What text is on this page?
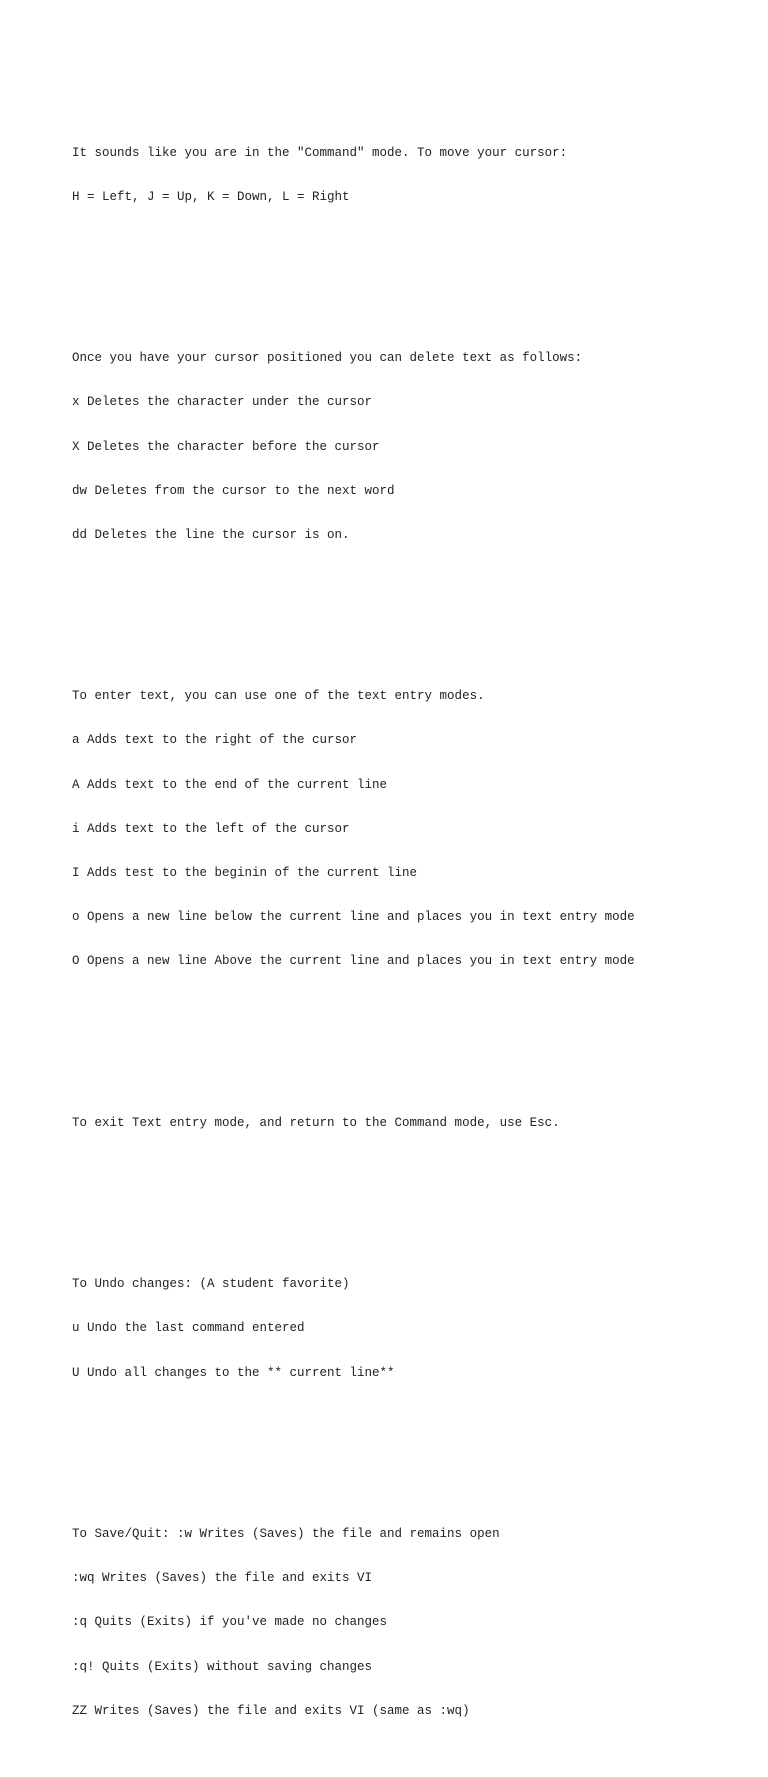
It sounds like you are in the "Command" mode. To move your cursor:

H = Left, J = Up, K = Down, L = Right

Once you have your cursor positioned you can delete text as follows:

x Deletes the character under the cursor

X Deletes the character before the cursor

dw Deletes from the cursor to the next word

dd Deletes the line the cursor is on.

To enter text, you can use one of the text entry modes.

a Adds text to the right of the cursor

A Adds text to the end of the current line

i Adds text to the left of the cursor

I Adds test to the beginin of the current line

o Opens a new line below the current line and places you in text entry mode

O Opens a new line Above the current line and places you in text entry mode

To exit Text entry mode, and return to the Command mode, use Esc.

To Undo changes: (A student favorite)

u Undo the last command entered

U Undo all changes to the ** current line**

To Save/Quit: :w Writes (Saves) the file and remains open

:wq Writes (Saves) the file and exits VI

:q Quits (Exits) if you've made no changes

:q! Quits (Exits) without saving changes

ZZ Writes (Saves) the file and exits VI (same as :wq)
